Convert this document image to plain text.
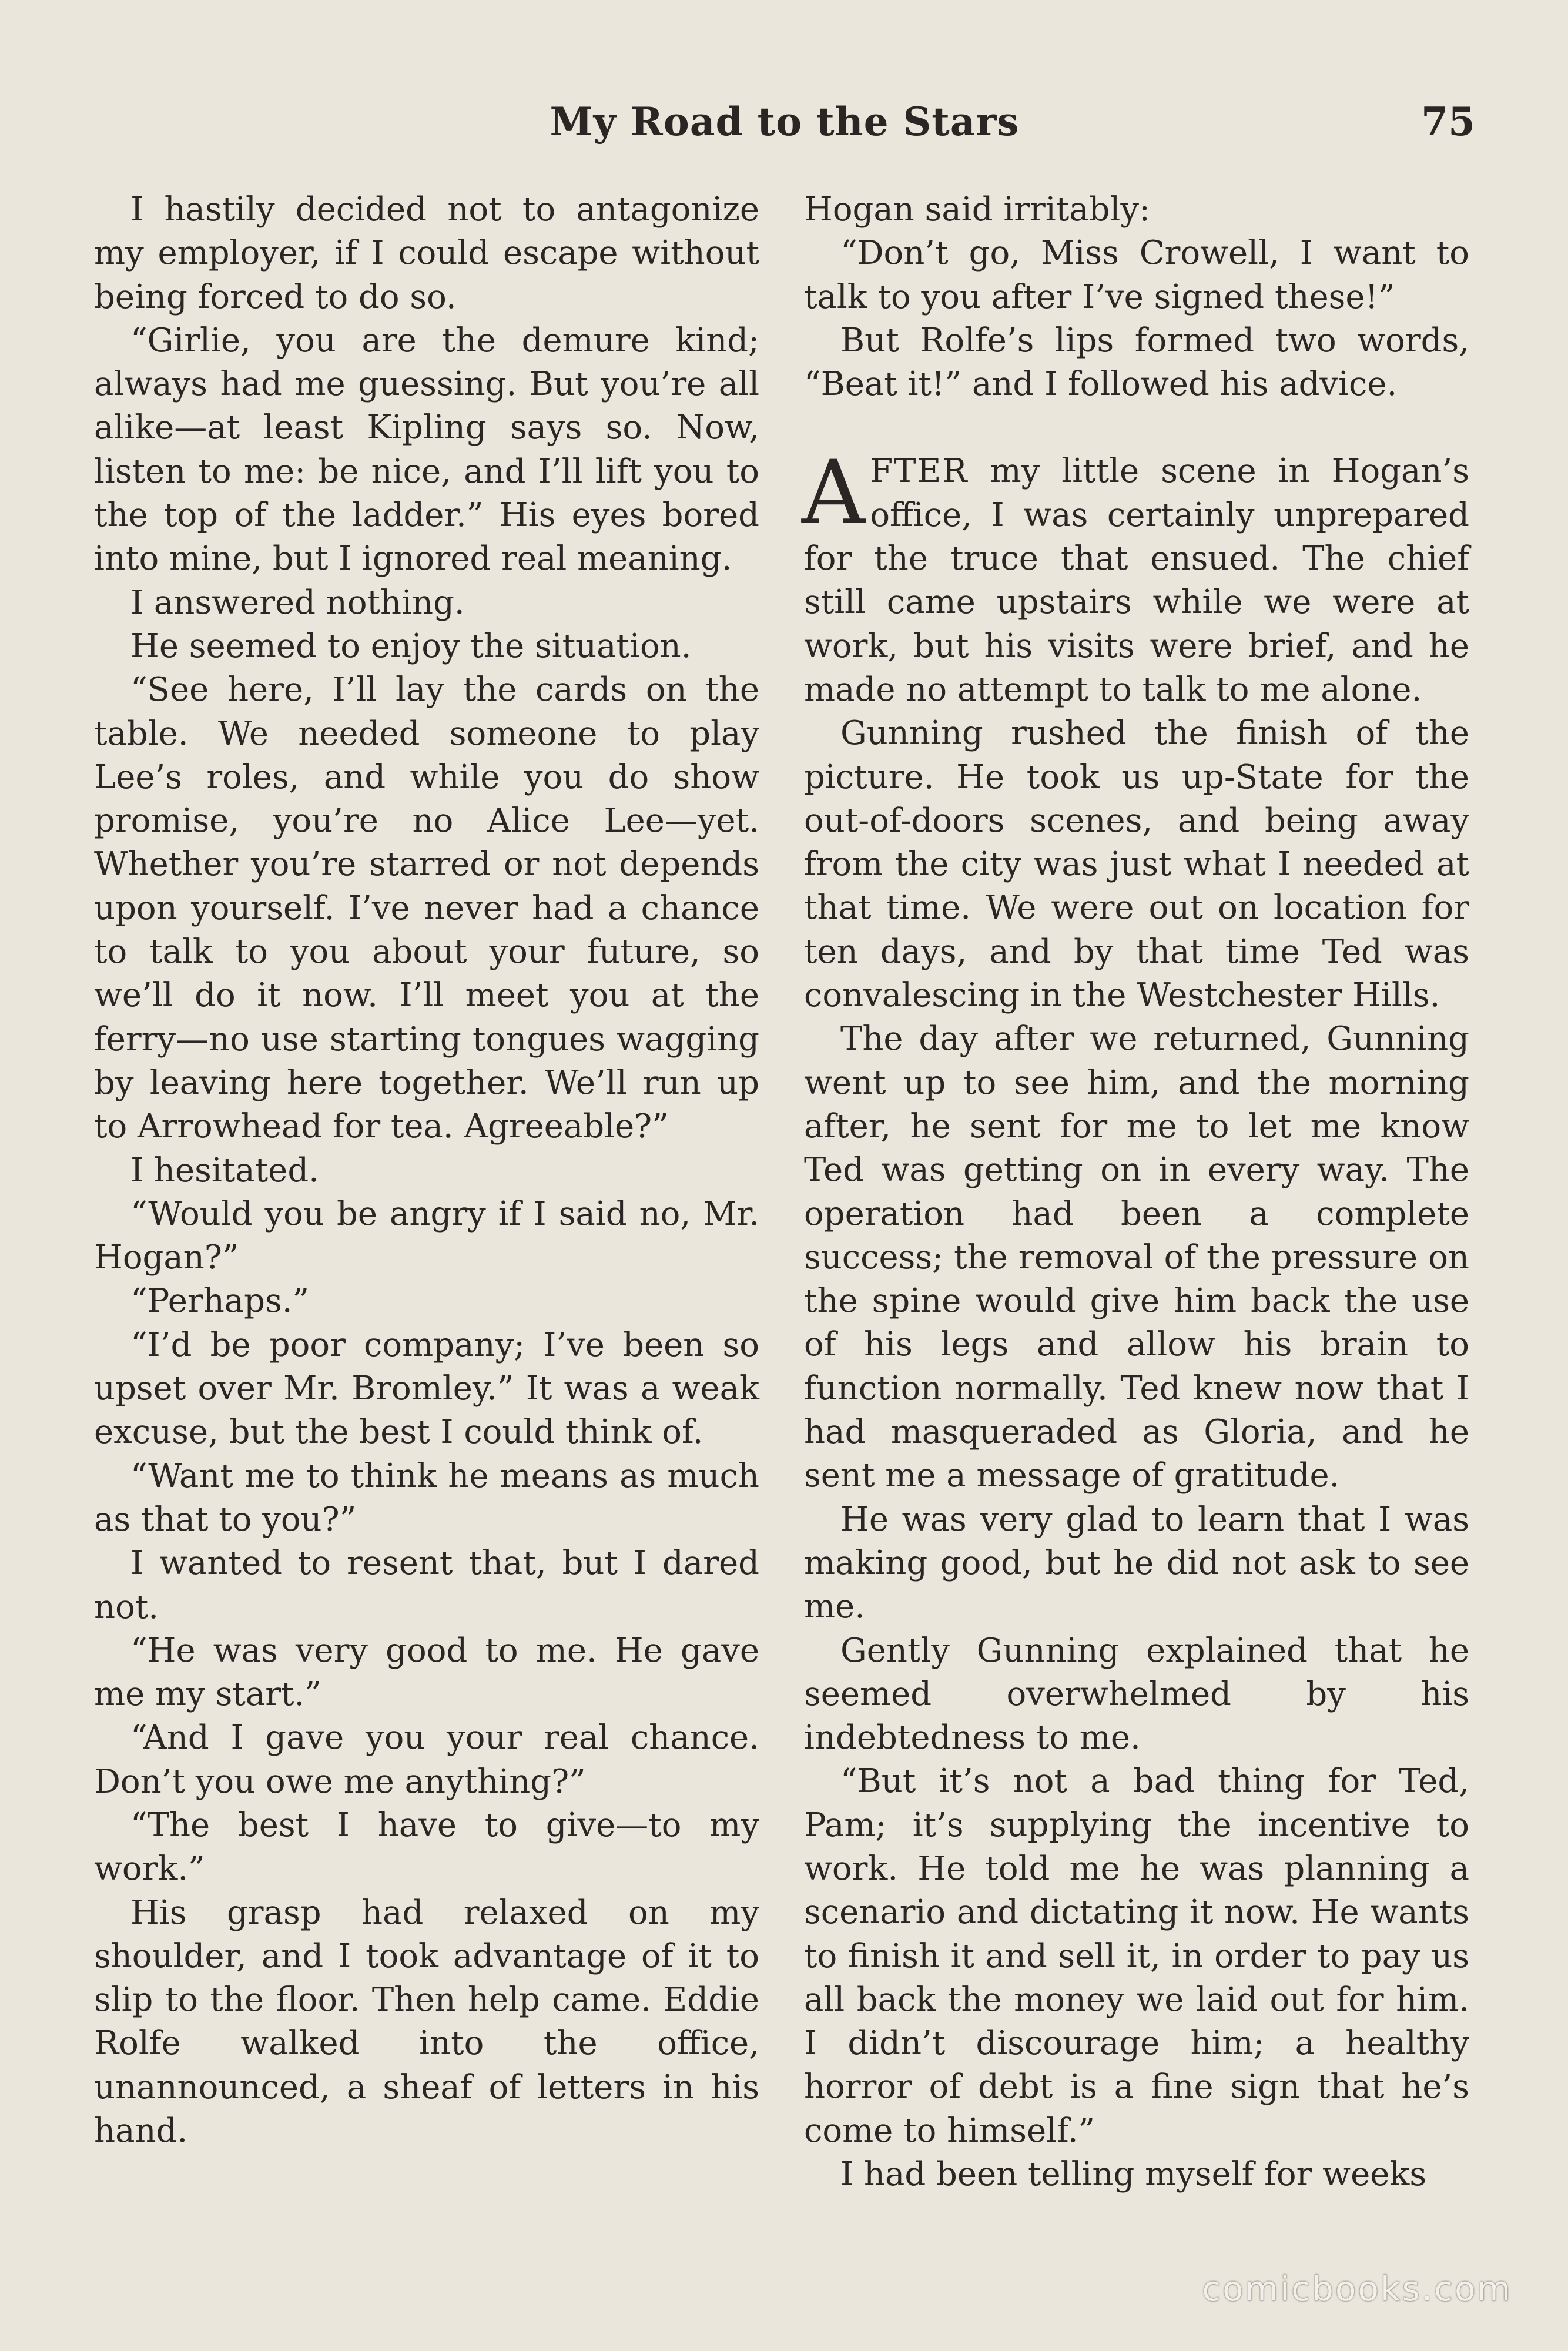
My Road to the Stars	75

I hastily decided not to antagonize my employer, if I could escape without being forced to do so.

“Girlie, you are the demure kind; always had me guessing. But you’re all alike—at least Kipling says so. Now, listen to me: be nice, and I’ll lift you to the top of the ladder.” His eyes bored into mine, but I ignored real meaning.

I answered nothing.

He seemed to enjoy the situation.

“See here, I’ll lay the cards on the table. We needed someone to play Lee’s roles, and while you do show promise, you’re no Alice Lee—yet. Whether you’re starred or not depends upon yourself. I’ve never had a chance to talk to you about your future, so we’ll do it now. I’ll meet you at the ferry—no use starting tongues wagging by leaving here together. We’ll run up to Arrowhead for tea. Agreeable?”

I hesitated.

“Would you be angry if I said no, Mr. Hogan?”

“Perhaps.”

“I’d be poor company; I’ve been so upset over Mr. Bromley.” It was a weak excuse, but the best I could think of.

“Want me to think he means as much as that to you?”

I wanted to resent that, but I dared not.

“He was very good to me. He gave me my start.”

“And I gave you your real chance. Don’t you owe me anything?”

“The best I have to give—to my work.”

His grasp had relaxed on my shoulder, and I took advantage of it to slip to the floor. Then help came. Eddie Rolfe walked into the office, unannounced, a sheaf of letters in his hand.

Hogan said irritably:

“Don’t go, Miss Crowell, I want to talk to you after I’ve signed these!”

But Rolfe’s lips formed two words, “Beat it!” and I followed his advice.

AFTER my little scene in Hogan’s office, I was certainly unprepared for the truce that ensued. The chief still came upstairs while we were at work, but his visits were brief, and he made no attempt to talk to me alone.

Gunning rushed the finish of the picture. He took us up-State for the out-of-doors scenes, and being away from the city was just what I needed at that time. We were out on location for ten days, and by that time Ted was convalescing in the Westchester Hills.

The day after we returned, Gunning went up to see him, and the morning after, he sent for me to let me know Ted was getting on in every way. The operation had been a complete success; the removal of the pressure on the spine would give him back the use of his legs and allow his brain to function normally. Ted knew now that I had masqueraded as Gloria, and he sent me a message of gratitude.

He was very glad to learn that I was making good, but he did not ask to see me.

Gently Gunning explained that he seemed overwhelmed by his indebtedness to me.

“But it’s not a bad thing for Ted, Pam; it’s supplying the incentive to work. He told me he was planning a scenario and dictating it now. He wants to finish it and sell it, in order to pay us all back the money we laid out for him. I didn’t discourage him; a healthy horror of debt is a fine sign that he’s come to himself.”

I had been telling myself for weeks

comicbooks.com
